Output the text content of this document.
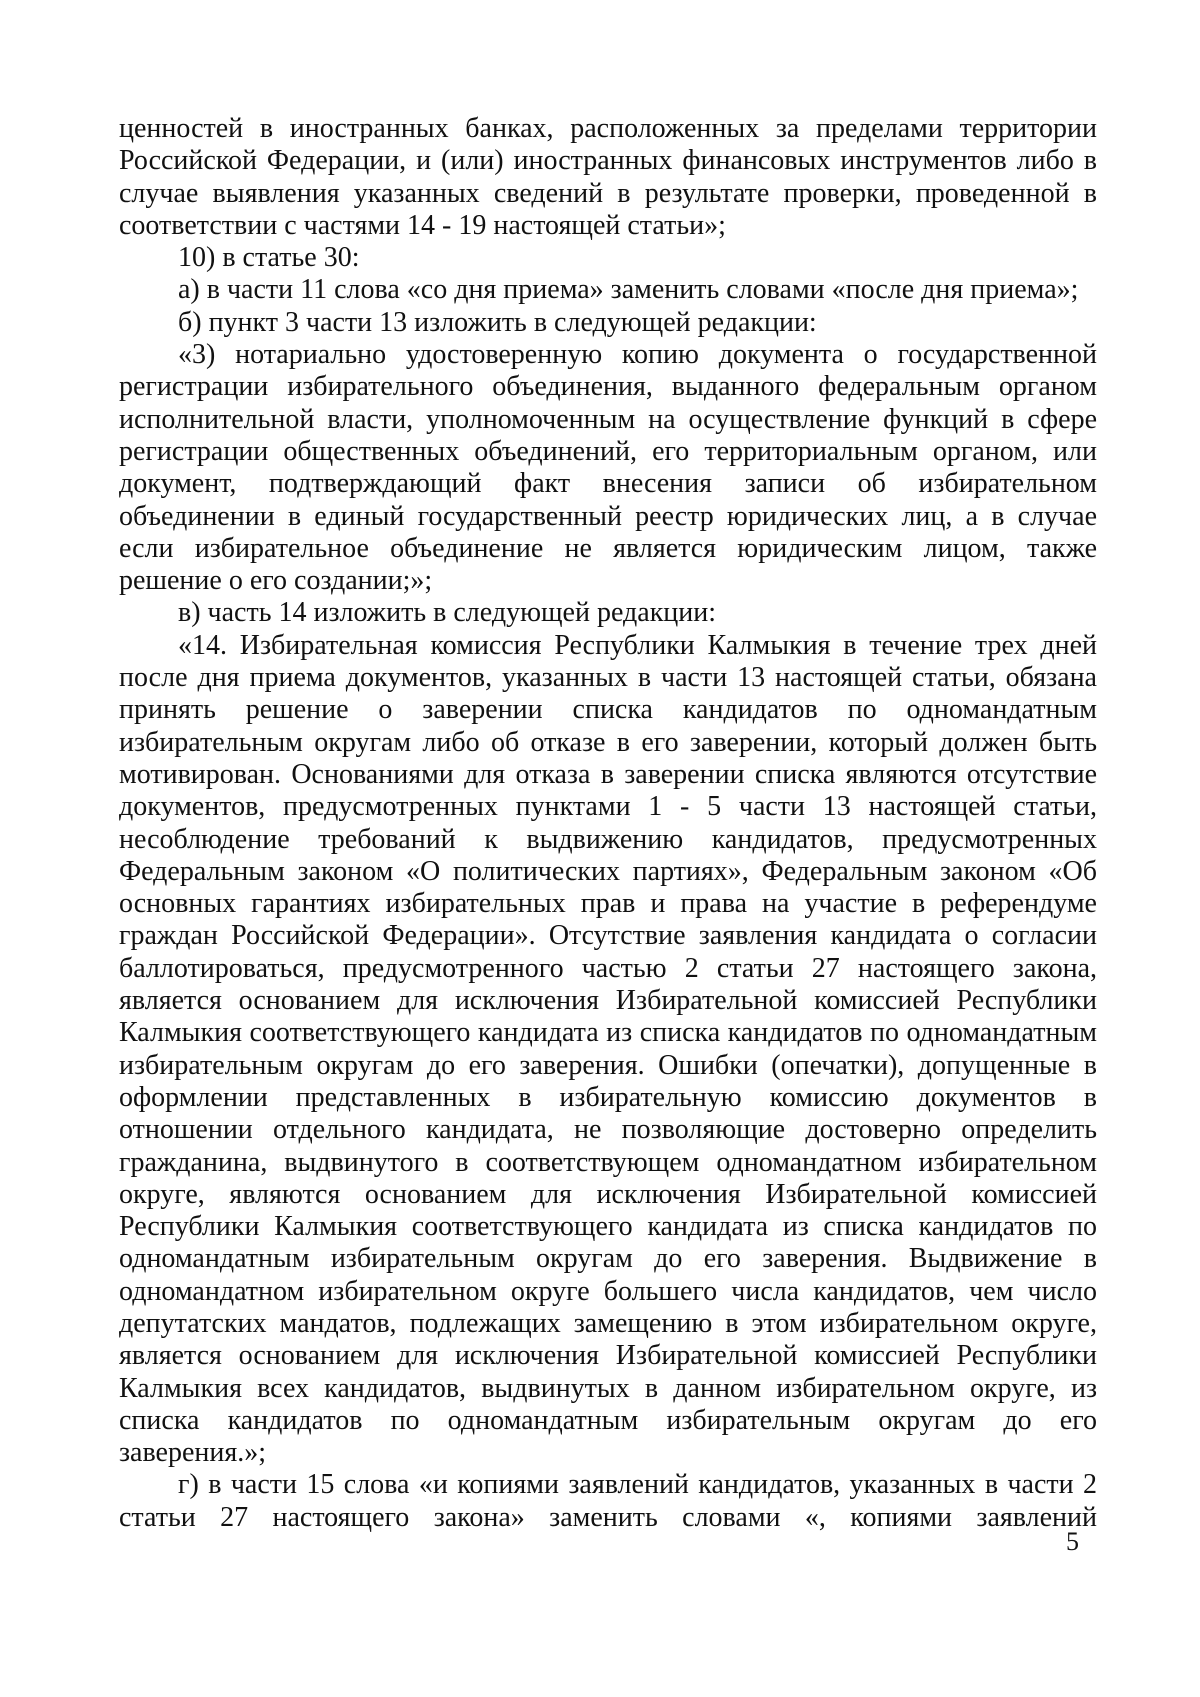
ценностей в иностранных банках, расположенных за пределами территории Российской Федерации, и (или) иностранных финансовых инструментов либо в случае выявления указанных сведений в результате проверки, проведенной в соответствии с частями 14 - 19 настоящей статьи»;

10) в статье 30:

а) в части 11 слова «со дня приема» заменить словами «после дня приема»;

б) пункт 3 части 13 изложить в следующей редакции:

«3) нотариально удостоверенную копию документа о государственной регистрации избирательного объединения, выданного федеральным органом исполнительной власти, уполномоченным на осуществление функций в сфере регистрации общественных объединений, его территориальным органом, или документ, подтверждающий факт внесения записи об избирательном объединении в единый государственный реестр юридических лиц, а в случае если избирательное объединение не является юридическим лицом, также решение о его создании;»;

в) часть 14 изложить в следующей редакции:

«14. Избирательная комиссия Республики Калмыкия в течение трех дней после дня приема документов, указанных в части 13 настоящей статьи, обязана принять решение о заверении списка кандидатов по одномандатным избирательным округам либо об отказе в его заверении, который должен быть мотивирован. Основаниями для отказа в заверении списка являются отсутствие документов, предусмотренных пунктами 1 - 5 части 13 настоящей статьи, несоблюдение требований к выдвижению кандидатов, предусмотренных Федеральным законом «О политических партиях», Федеральным законом «Об основных гарантиях избирательных прав и права на участие в референдуме граждан Российской Федерации». Отсутствие заявления кандидата о согласии баллотироваться, предусмотренного частью 2 статьи 27 настоящего закона, является основанием для исключения Избирательной комиссией Республики Калмыкия соответствующего кандидата из списка кандидатов по одномандатным избирательным округам до его заверения. Ошибки (опечатки), допущенные в оформлении представленных в избирательную комиссию документов в отношении отдельного кандидата, не позволяющие достоверно определить гражданина, выдвинутого в соответствующем одномандатном избирательном округе, являются основанием для исключения Избирательной комиссией Республики Калмыкия соответствующего кандидата из списка кандидатов по одномандатным избирательным округам до его заверения. Выдвижение в одномандатном избирательном округе большего числа кандидатов, чем число депутатских мандатов, подлежащих замещению в этом избирательном округе, является основанием для исключения Избирательной комиссией Республики Калмыкия всех кандидатов, выдвинутых в данном избирательном округе, из списка кандидатов по одномандатным избирательным округам до его заверения.»;

г) в части 15 слова «и копиями заявлений кандидатов, указанных в части 2 статьи 27 настоящего закона» заменить словами «, копиями заявлений

5
